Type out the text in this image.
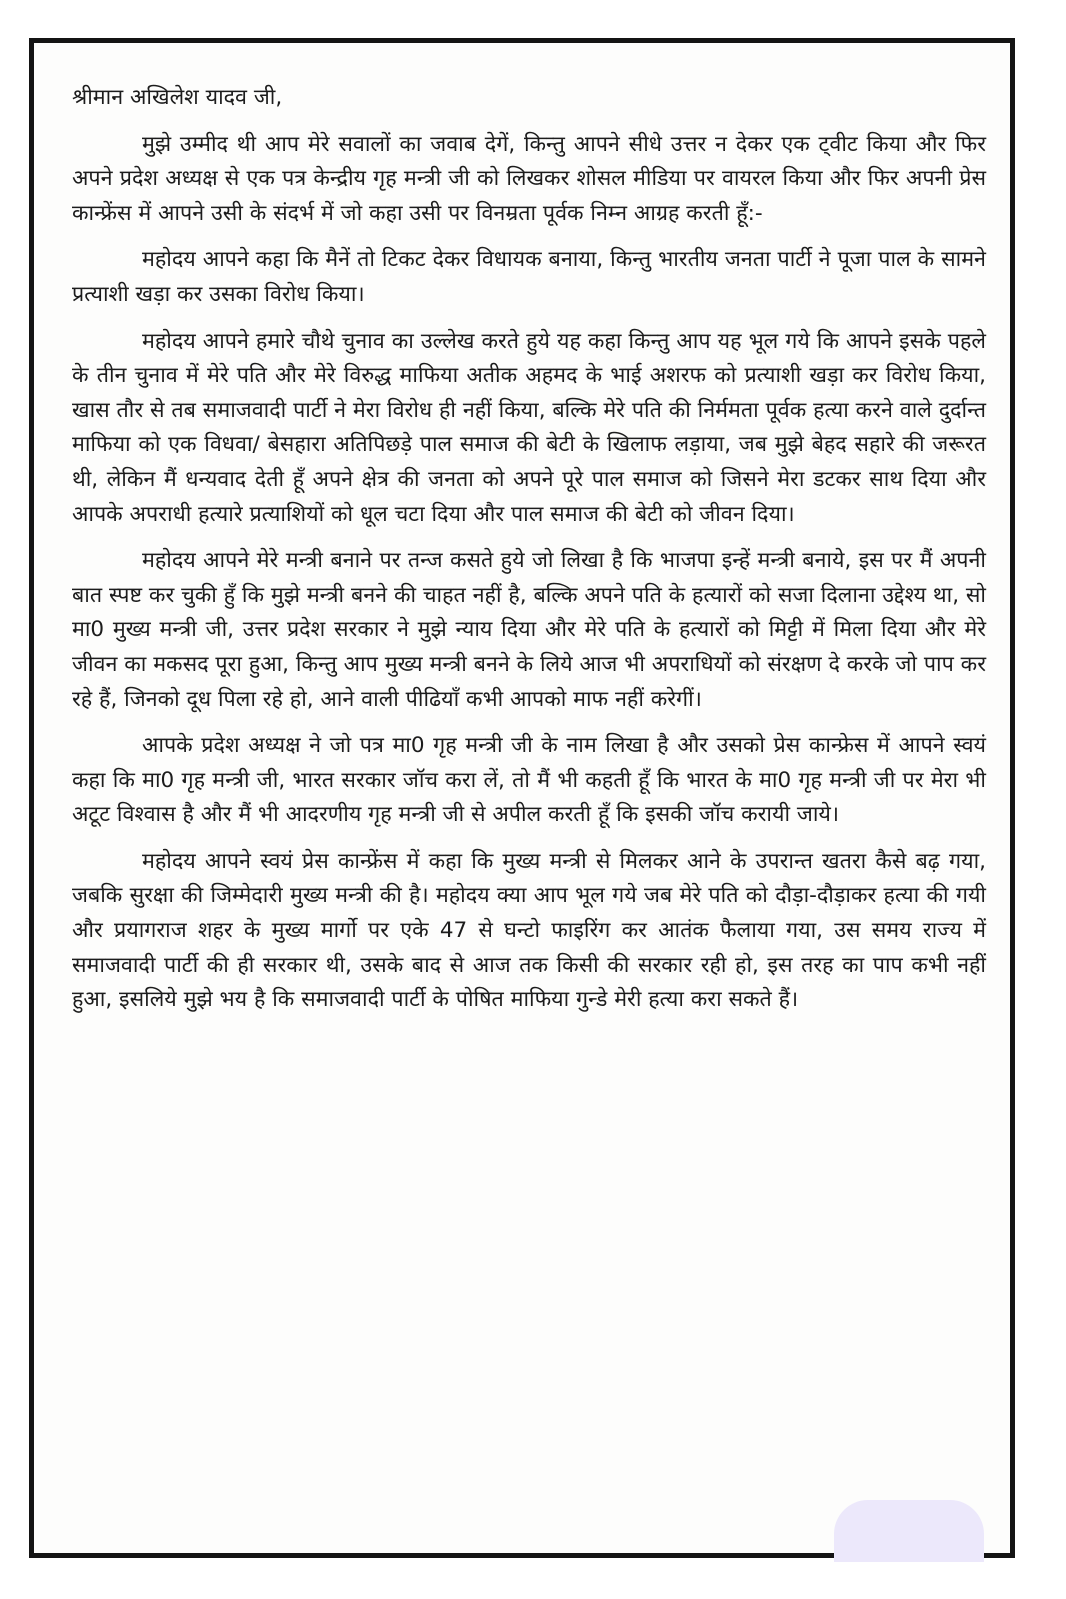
श्रीमान अखिलेश यादव जी,

मुझे उम्मीद थी आप मेरे सवालों का जवाब देगें, किन्तु आपने सीधे उत्तर न देकर एक ट्वीट किया और फिर अपने प्रदेश अध्यक्ष से एक पत्र केन्द्रीय गृह मन्त्री जी को लिखकर शोसल मीडिया पर वायरल किया और फिर अपनी प्रेस कान्फ्रेंस में आपने उसी के संदर्भ में जो कहा उसी पर विनम्रता पूर्वक निम्न आग्रह करती हूँ:-

महोदय आपने कहा कि मैनें तो टिकट देकर विधायक बनाया, किन्तु भारतीय जनता पार्टी ने पूजा पाल के सामने प्रत्याशी खड़ा कर उसका विरोध किया।

महोदय आपने हमारे चौथे चुनाव का उल्लेख करते हुये यह कहा किन्तु आप यह भूल गये कि आपने इसके पहले के तीन चुनाव में मेरे पति और मेरे विरुद्ध माफिया अतीक अहमद के भाई अशरफ को प्रत्याशी खड़ा कर विरोध किया, खास तौर से तब समाजवादी पार्टी ने मेरा विरोध ही नहीं किया, बल्कि मेरे पति की निर्ममता पूर्वक हत्या करने वाले दुर्दान्त माफिया को एक विधवा/ बेसहारा अतिपिछड़े पाल समाज की बेटी के खिलाफ लड़ाया, जब मुझे बेहद सहारे की जरूरत थी, लेकिन मैं धन्यवाद देती हूँ अपने क्षेत्र की जनता को अपने पूरे पाल समाज को जिसने मेरा डटकर साथ दिया और आपके अपराधी हत्यारे प्रत्याशियों को धूल चटा दिया और पाल समाज की बेटी को जीवन दिया।

महोदय आपने मेरे मन्त्री बनाने पर तन्ज कसते हुये जो लिखा है कि भाजपा इन्हें मन्त्री बनाये, इस पर मैं अपनी बात स्पष्ट कर चुकी हुँ कि मुझे मन्त्री बनने की चाहत नहीं है, बल्कि अपने पति के हत्यारों को सजा दिलाना उद्देश्य था, सो मा0 मुख्य मन्त्री जी, उत्तर प्रदेश सरकार ने मुझे न्याय दिया और मेरे पति के हत्यारों को मिट्टी में मिला दिया और मेरे जीवन का मकसद पूरा हुआ, किन्तु आप मुख्य मन्त्री बनने के लिये आज भी अपराधियों को संरक्षण दे करके जो पाप कर रहे हैं, जिनको दूध पिला रहे हो, आने वाली पीढियाँ कभी आपको माफ नहीं करेगीं।

आपके प्रदेश अध्यक्ष ने जो पत्र मा0 गृह मन्त्री जी के नाम लिखा है और उसको प्रेस कान्फ्रेस में आपने स्वयं कहा कि मा0 गृह मन्त्री जी, भारत सरकार जॉच करा लें, तो मैं भी कहती हूँ कि भारत के मा0 गृह मन्त्री जी पर मेरा भी अटूट विश्वास है और मैं भी आदरणीय गृह मन्त्री जी से अपील करती हूँ कि इसकी जॉच करायी जाये।

महोदय आपने स्वयं प्रेस कान्फ्रेंस में कहा कि मुख्य मन्त्री से मिलकर आने के उपरान्त खतरा कैसे बढ़ गया, जबकि सुरक्षा की जिम्मेदारी मुख्य मन्त्री की है। महोदय क्या आप भूल गये जब मेरे पति को दौड़ा-दौड़ाकर हत्या की गयी और प्रयागराज शहर के मुख्य मार्गो पर एके 47 से घन्टो फाइरिंग कर आतंक फैलाया गया, उस समय राज्य में समाजवादी पार्टी की ही सरकार थी, उसके बाद से आज तक किसी की सरकार रही हो, इस तरह का पाप कभी नहीं हुआ, इसलिये मुझे भय है कि समाजवादी पार्टी के पोषित माफिया गुन्डे मेरी हत्या करा सकते हैं।
